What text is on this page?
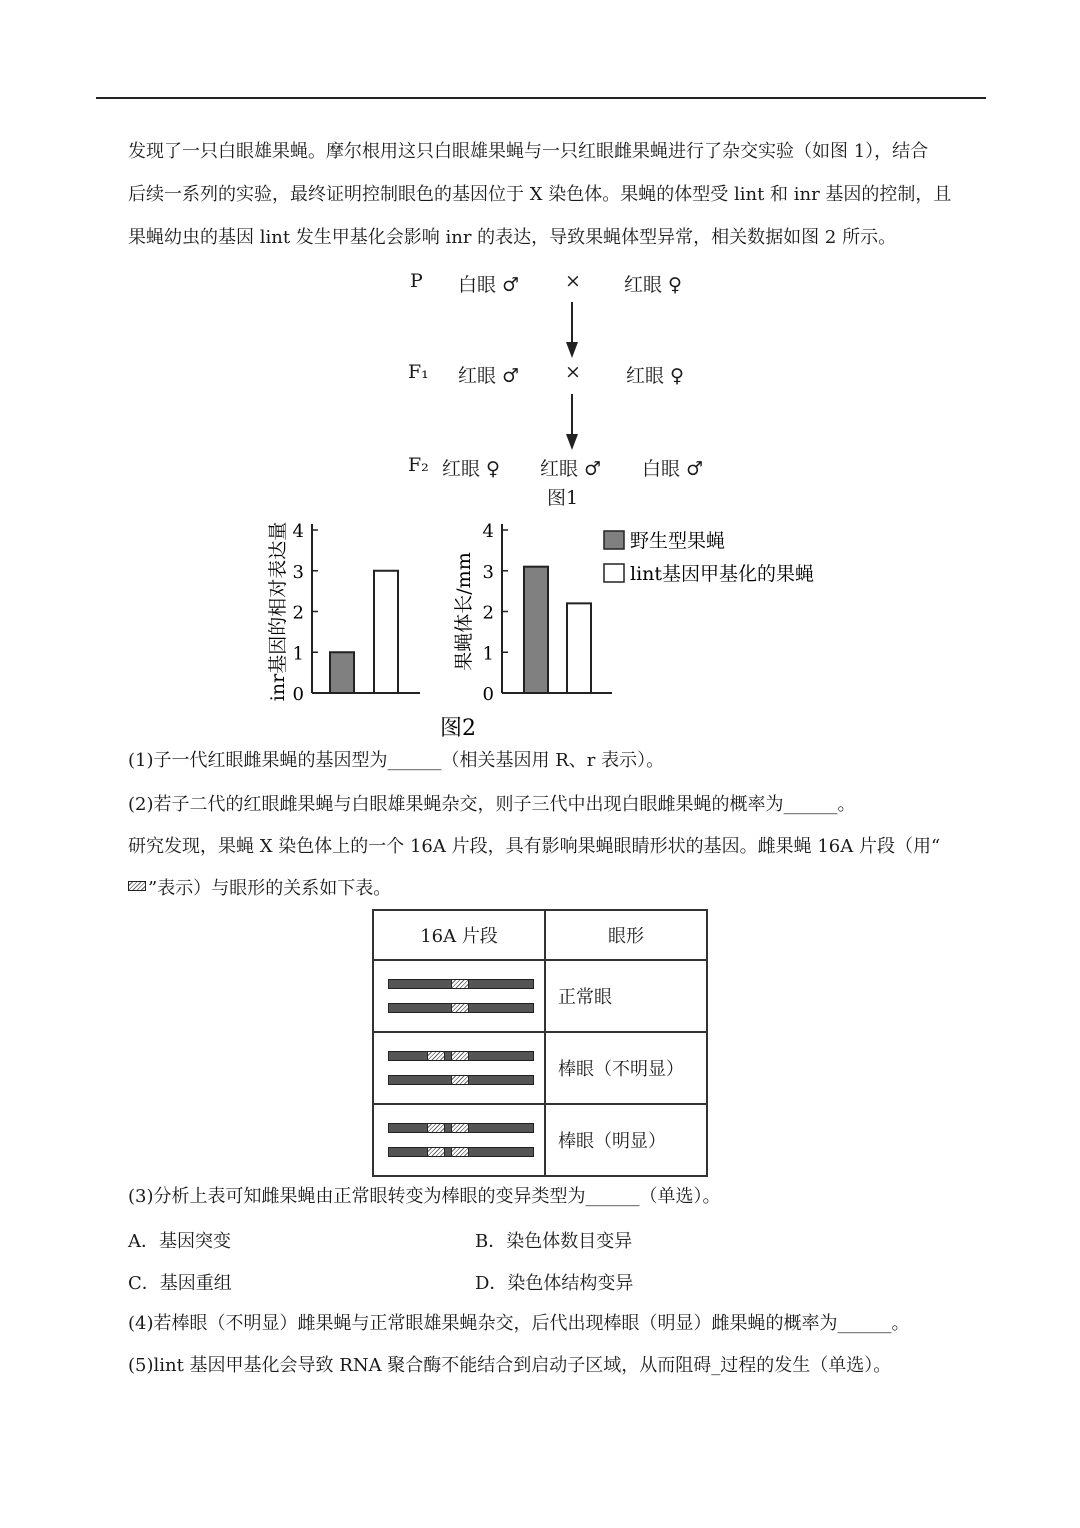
发现了一只白眼雄果蝇。摩尔根用这只白眼雄果蝇与一只红眼雌果蝇进行了杂交实验（如图 1），结合
后续一系列的实验，最终证明控制眼色的基因位于 X 染色体。果蝇的体型受 lint 和 inr 基因的控制，且
果蝇幼虫的基因 lint 发生甲基化会影响 inr 的表达，导致果蝇体型异常，相关数据如图 2 所示。
P 白眼 ♂ × 红眼 ♀
F₁ 红眼 ♂ × 红眼 ♀
F₂ 红眼 ♀ 红眼 ♂ 白眼 ♂
图1
0
1
2
3
4
inr基因的相对表达量	0
1
2
3
4
果蝇体长/mm
野生型果蝇
lint基因甲基化的果蝇
图2
(1)子一代红眼雌果蝇的基因型为______（相关基因用 R、r 表示）。
(2)若子二代的红眼雌果蝇与白眼雄果蝇杂交，则子三代中出现白眼雌果蝇的概率为______。
研究发现，果蝇 X 染色体上的一个 16A 片段，具有影响果蝇眼睛形状的基因。雌果蝇 16A 片段（用“
”表示）与眼形的关系如下表。
16A 片段	眼形

	正常眼

	棒眼（不明显）

	棒眼（明显）
(3)分析上表可知雌果蝇由正常眼转变为棒眼的变异类型为______（单选）。
A．基因突变	B．染色体数目变异
C．基因重组	D．染色体结构变异
(4)若棒眼（不明显）雌果蝇与正常眼雄果蝇杂交，后代出现棒眼（明显）雌果蝇的概率为______。
(5)lint 基因甲基化会导致 RNA 聚合酶不能结合到启动子区域，从而阻碍_过程的发生（单选）。
